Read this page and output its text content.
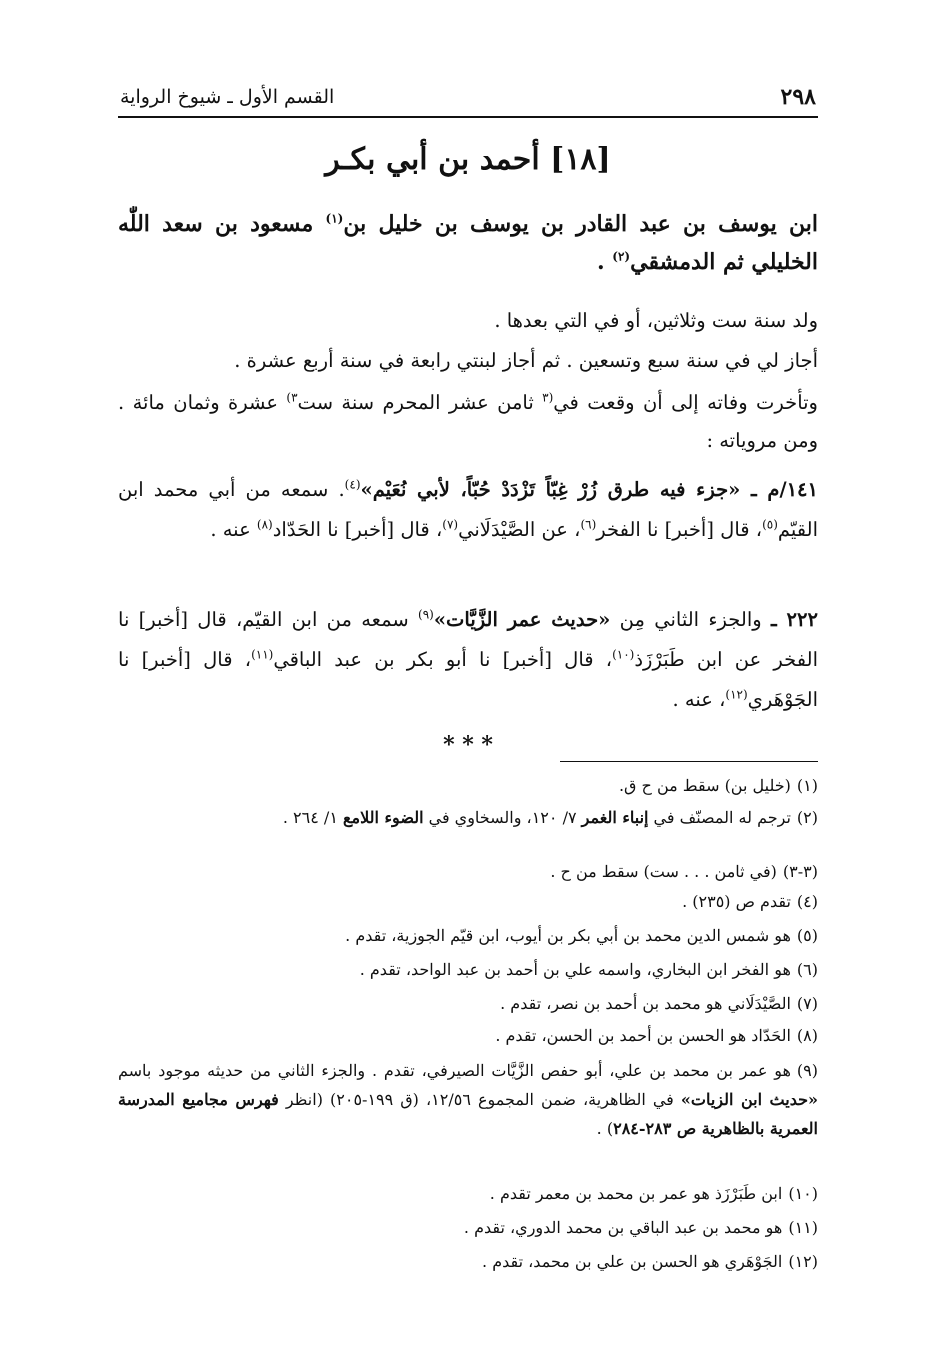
٢٩٨
القسم الأول ـ شيوخ الرواية
[١٨] أحمد بن أبي بكـر
ابن يوسف بن عبد القادر بن يوسف بن خليل بن$^{(١)}$ مسعود بن سعد اللّٰه الخليلي ثم الدمشقي$^{(٢)}$ .
ولد سنة ست وثلاثين، أو في التي بعدها .
أجاز لي في سنة سبع وتسعين . ثم أجاز لبنتي رابعة في سنة أربع عشرة .
وتأخرت وفاته إلى أن وقعت في$^{(٣}$ ثامن عشر المحرم سنة ست$^{٣)}$ عشرة وثمان مائة . ومن مروياته :
١٤١/م ـ «جزء فيه طرق زُرْ غِبّاً تَزْدَدْ حُبّاً، لأبي نُعَيْم»$^{(٤)}$. سمعه من أبي محمد ابن القيّم$^{(٥)}$، قال [أخبر] نا الفخر$^{(٦)}$، عن الصَّيْدَلَاني$^{(٧)}$، قال [أخبر] نا الحَدّاد$^{(٨)}$ عنه .
٢٢٢ ـ والجزء الثاني مِن «حديث عمر الزَّيَّات»$^{(٩)}$ سمعه من ابن القيّم، قال [أخبر] نا الفخر عن ابن طَبَرْزَذ$^{(١٠)}$، قال [أخبر] نا أبو بكر بن عبد الباقي$^{(١١)}$، قال [أخبر] نا الجَوْهَري$^{(١٢)}$، عنه .
* * *
(١)(خليل بن) سقط من ح ق.
(٢)ترجم له المصنّف في إنباء الغمر ٧/ ١٢٠، والسخاوي في الضوء اللامع ١/ ٢٦٤ .
(٣-٣)(في ثامن . . . ست) سقط من ح .
(٤)تقدم ص (٢٣٥) .
(٥)هو شمس الدين محمد بن أبي بكر بن أيوب، ابن قيّم الجوزية، تقدم .
(٦)هو الفخر ابن البخاري، واسمه علي بن أحمد بن عبد الواحد، تقدم .
(٧)الصَّيْدَلَاني هو محمد بن أحمد بن نصر، تقدم .
(٨)الحَدّاد هو الحسن بن أحمد بن الحسن، تقدم .
(٩)هو عمر بن محمد بن علي، أبو حفص الزَّيَّات الصيرفي، تقدم . والجزء الثاني من حديثه موجود باسم «حديث ابن الزيات» في الظاهرية، ضمن المجموع ١٢/٥٦، (ق ١٩٩-٢٠٥) (انظر فهرس مجاميع المدرسة العمرية بالظاهرية ص ٢٨٣-٢٨٤) .
(١٠)ابن طَبَرْزَذ هو عمر بن محمد بن معمر تقدم .
(١١)هو محمد بن عبد الباقي بن محمد الدوري، تقدم .
(١٢)الجَوْهَري هو الحسن بن علي بن محمد، تقدم .
